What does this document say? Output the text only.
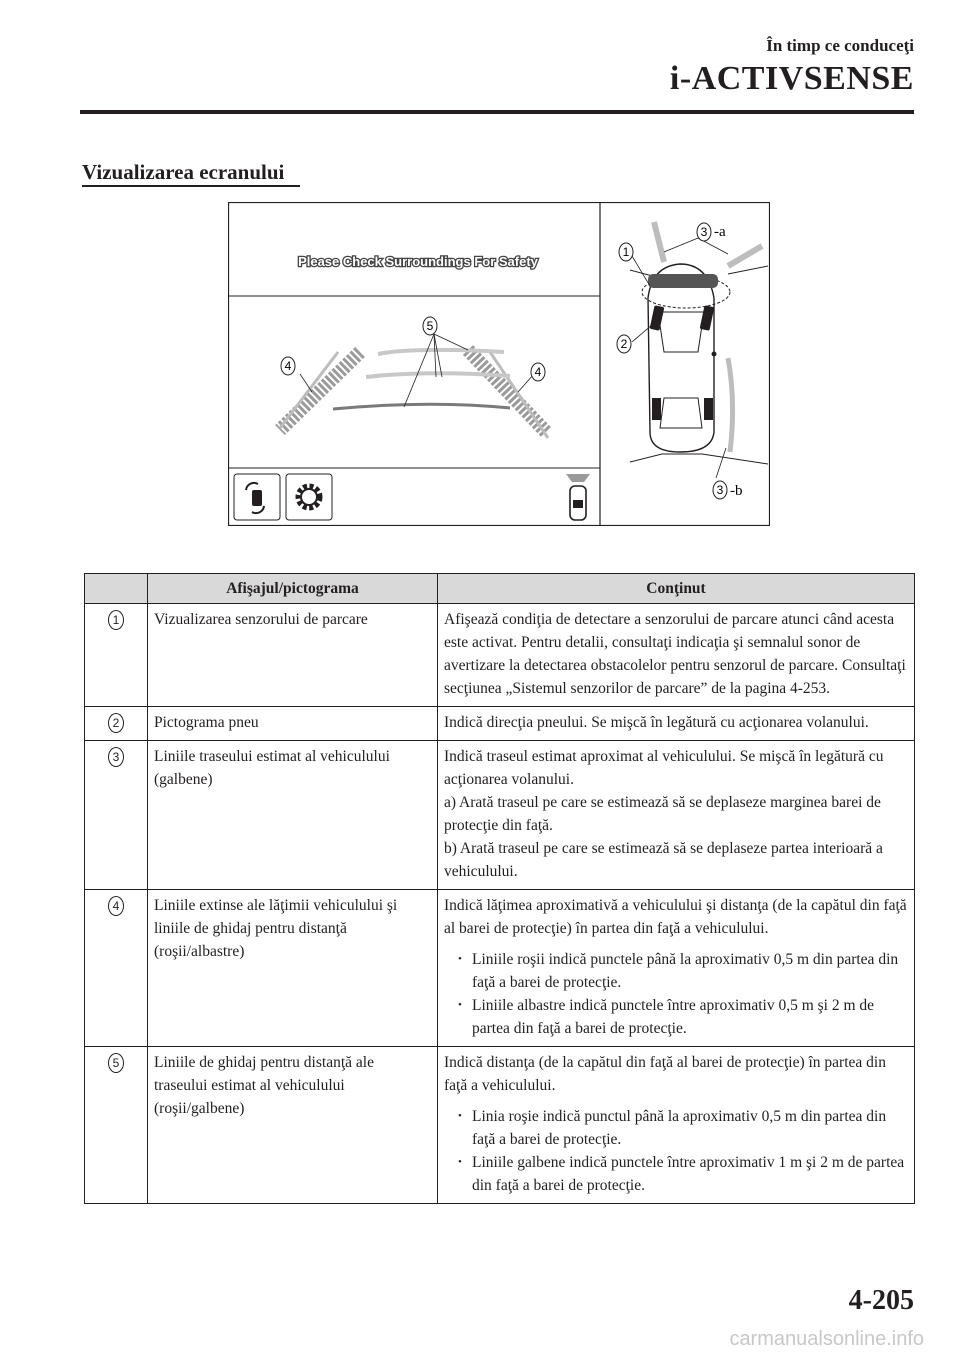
În timp ce conduceţi
i-ACTIVSENSE
Vizualizarea ecranului
Please Check Surroundings For Safety
4
5
4
1
2
3
3
-a
-b
	Afişajul/pictograma	Conţinut
1	Vizualizarea senzorului de parcare	Afişează condiţia de detectare a senzorului de parcare atunci când acesta este activat. Pentru detalii, consultaţi indicaţia şi semnalul sonor de avertizare la detectarea obstacolelor pentru senzorul de parcare. Consultaţi secţiunea „Sistemul senzorilor de parcare” de la pagina 4-253.
2	Pictograma pneu	Indică direcţia pneului. Se mişcă în legătură cu acţionarea volanului.
3	Liniile traseului estimat al vehiculului (galbene)	Indică traseul estimat aproximat al vehiculului. Se mişcă în legătură cu acţionarea volanului.
a) Arată traseul pe care se estimează să se deplaseze marginea barei de protecţie din faţă.
b) Arată traseul pe care se estimează să se deplaseze partea interioară a vehiculului.

4	Liniile extinse ale lăţimii vehiculului şi liniile de ghidaj pentru distanţă (roşii/albastre)	Indică lăţimea aproximativă a vehiculului şi distanţa (de la capătul din faţă al barei de protecţie) în partea din faţă a vehiculului.
• Liniile roşii indică punctele până la aproximativ 0,5 m din partea din faţă a barei de protecţie.
• Liniile albastre indică punctele între aproximativ 0,5 m şi 2 m de partea din faţă a barei de protecţie.

5	Liniile de ghidaj pentru distanţă ale traseului estimat al vehiculului (roşii/galbene)	Indică distanţa (de la capătul din faţă al barei de protecţie) în partea din faţă a vehiculului.
• Linia roşie indică punctul până la aproximativ 0,5 m din partea din faţă a barei de protecţie.
• Liniile galbene indică punctele între aproximativ 1 m şi 2 m de partea din faţă a barei de protecţie.
4-205
carmanualsonline.info
